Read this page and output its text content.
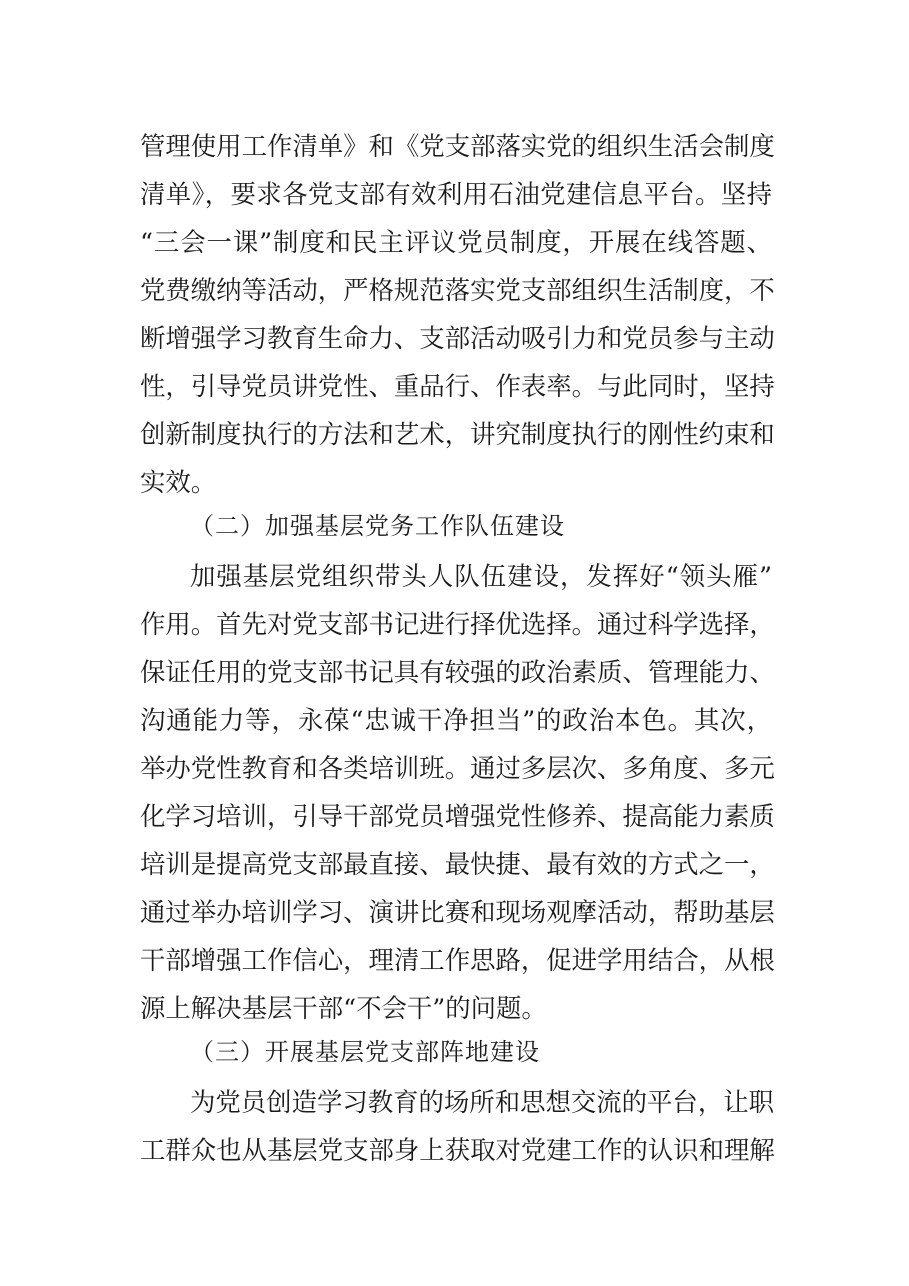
管理使用工作清单》和《党支部落实党的组织生活会制度
清单》，要求各党支部有效利用石油党建信息平台。坚持
“三会一课”制度和民主评议党员制度，开展在线答题、
党费缴纳等活动，严格规范落实党支部组织生活制度，不
断增强学习教育生命力、支部活动吸引力和党员参与主动
性，引导党员讲党性、重品行、作表率。与此同时，坚持
创新制度执行的方法和艺术，讲究制度执行的刚性约束和
实效。
（二）加强基层党务工作队伍建设
加强基层党组织带头人队伍建设，发挥好“领头雁”
作用。首先对党支部书记进行择优选择。通过科学选择，
保证任用的党支部书记具有较强的政治素质、管理能力、
沟通能力等，永葆“忠诚干净担当”的政治本色。其次，
举办党性教育和各类培训班。通过多层次、多角度、多元
化学习培训，引导干部党员增强党性修养、提高能力素质
培训是提高党支部最直接、最快捷、最有效的方式之一，
通过举办培训学习、演讲比赛和现场观摩活动，帮助基层
干部增强工作信心，理清工作思路，促进学用结合，从根
源上解决基层干部“不会干”的问题。
（三）开展基层党支部阵地建设
为党员创造学习教育的场所和思想交流的平台，让职
工群众也从基层党支部身上获取对党建工作的认识和理解
